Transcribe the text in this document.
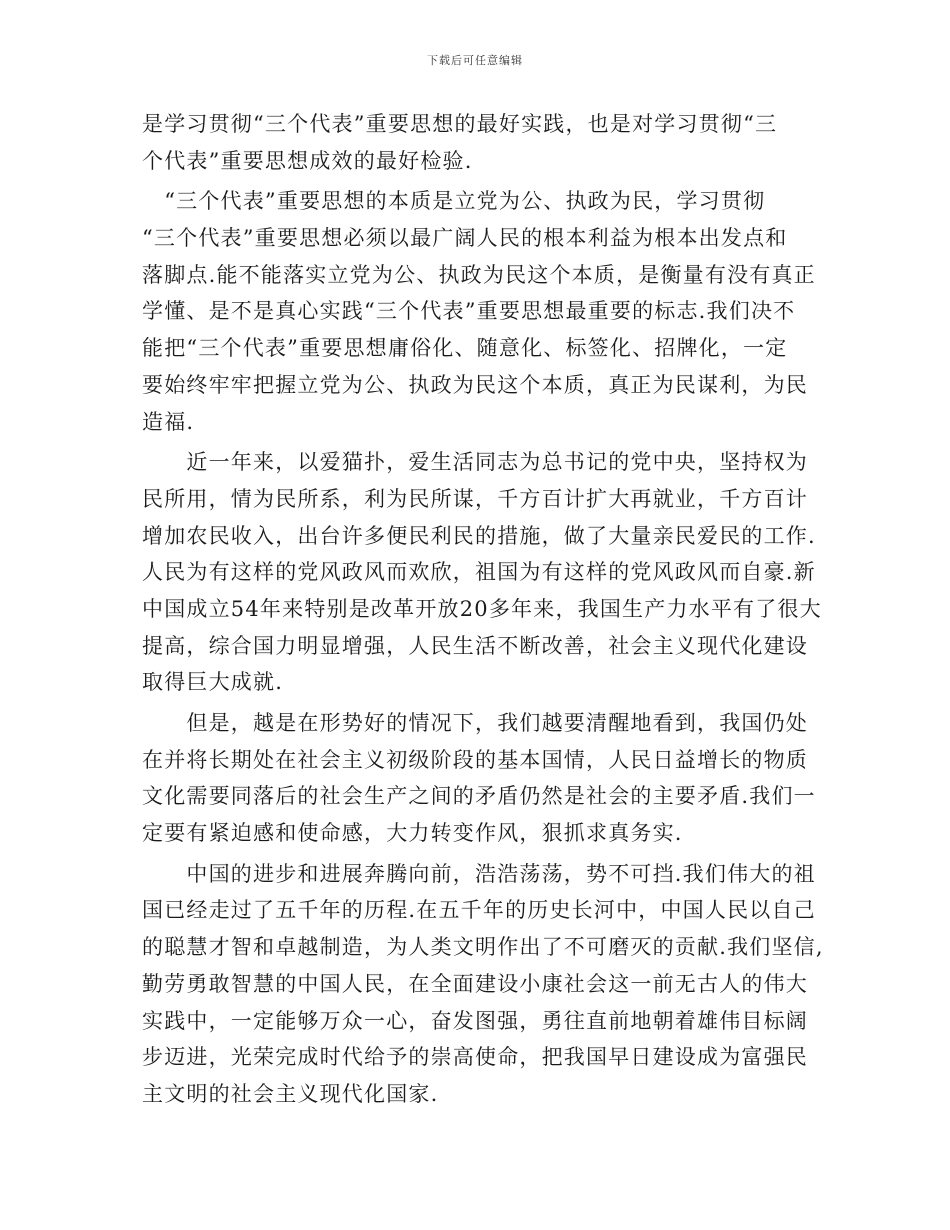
下载后可任意编辑
是学习贯彻“三个代表”重要思想的最好实践，也是对学习贯彻“三
个代表”重要思想成效的最好检验.
　“三个代表”重要思想的本质是立党为公、执政为民，学习贯彻
“三个代表”重要思想必须以最广阔人民的根本利益为根本出发点和
落脚点.能不能落实立党为公、执政为民这个本质，是衡量有没有真正
学懂、是不是真心实践“三个代表”重要思想最重要的标志.我们决不
能把“三个代表”重要思想庸俗化、随意化、标签化、招牌化，一定
要始终牢牢把握立党为公、执政为民这个本质，真正为民谋利，为民
造福.
　　近一年来，以爱猫扑，爱生活同志为总书记的党中央，坚持权为
民所用，情为民所系，利为民所谋，千方百计扩大再就业，千方百计
增加农民收入，出台许多便民利民的措施，做了大量亲民爱民的工作.
人民为有这样的党风政风而欢欣，祖国为有这样的党风政风而自豪.新
中国成立54年来特别是改革开放20多年来，我国生产力水平有了很大
提高，综合国力明显增强，人民生活不断改善，社会主义现代化建设
取得巨大成就.
　　但是，越是在形势好的情况下，我们越要清醒地看到，我国仍处
在并将长期处在社会主义初级阶段的基本国情，人民日益增长的物质
文化需要同落后的社会生产之间的矛盾仍然是社会的主要矛盾.我们一
定要有紧迫感和使命感，大力转变作风，狠抓求真务实.
　　中国的进步和进展奔腾向前，浩浩荡荡，势不可挡.我们伟大的祖
国已经走过了五千年的历程.在五千年的历史长河中，中国人民以自己
的聪慧才智和卓越制造，为人类文明作出了不可磨灭的贡献.我们坚信,
勤劳勇敢智慧的中国人民，在全面建设小康社会这一前无古人的伟大
实践中，一定能够万众一心，奋发图强，勇往直前地朝着雄伟目标阔
步迈进，光荣完成时代给予的崇高使命，把我国早日建设成为富强民
主文明的社会主义现代化国家.
